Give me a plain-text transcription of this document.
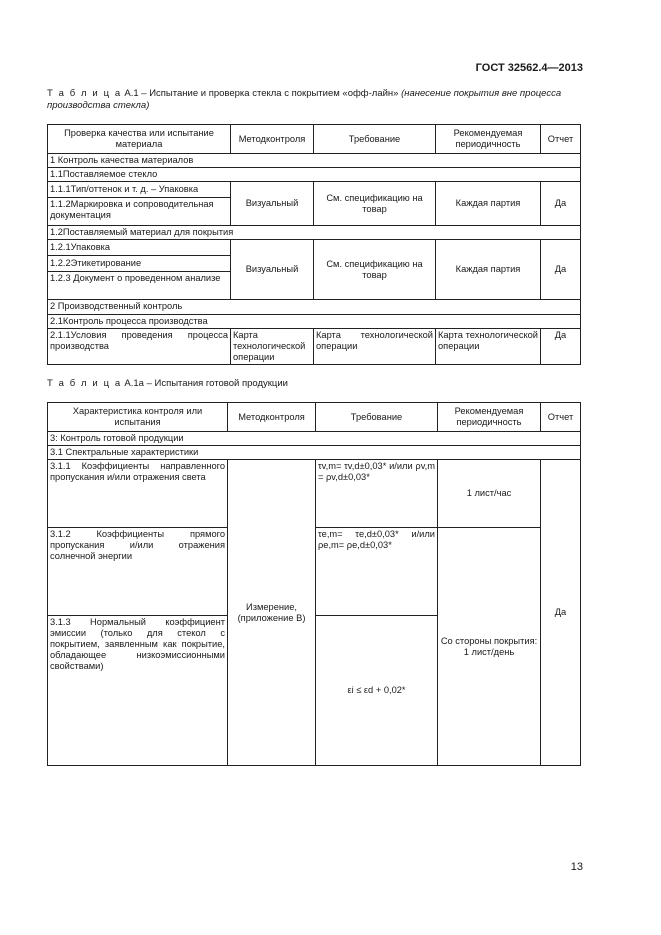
ГОСТ 32562.4—2013
Т а б л и ц а А.1 – Испытание и проверка стекла с покрытием «офф-лайн» (нанесение покрытия вне процесса производства стекла)
Проверка качества или испытание материала	Методконтроля	Требование	Рекомендуемая периодичность	Отчет
1 Контроль качества материалов				
1.1Поставляемое стекло				
1.1.1Тип/оттенок и т. д. – Упаковка	Визуальный	См. спецификацию на товар	Каждая партия	Да
1.1.2Маркировка и сопроводительная документация				
1.2Поставляемый материал для покрытия				
1.2.1Упаковка	Визуальный	См. спецификацию на товар	Каждая партия	Да
1.2.2Этикетирование				
1.2.3 Документ о проведенном анализе				
2 Производственный контроль				
2.1Контроль процесса производства				
2.1.1Условия проведения процесса производства	Карта технологической операции	Карта технологической операции	Карта технологической операции	Да
Т а б л и ц а А.1а – Испытания готовой продукции
Характеристика контроля или испытания	Методконтроля	Требование	Рекомендуемая периодичность	Отчет
3: Контроль готовой продукции				
3.1 Спектральные характеристики				
3.1.1 Коэффициенты направленного пропускания и/или отражения света	Измерение, (приложение В)	τv,m= τv,d±0,03* и/или ρv,m = ρv,d±0,03*	1 лист/час	Да
3.1.2 Коэффициенты прямого пропускания и/или отражения солнечной энергии		τe,m= τe,d±0,03* и/или ρe,m= ρe,d±0,03*	Со стороны покрытия: 1 лист/день	
3.1.3 Нормальный коэффициент эмиссии (только для стекол с покрытием, заявленным как покрытие, обладающее низкоэмиссионными свойствами)		εi ≤ εd + 0,02*		
13
